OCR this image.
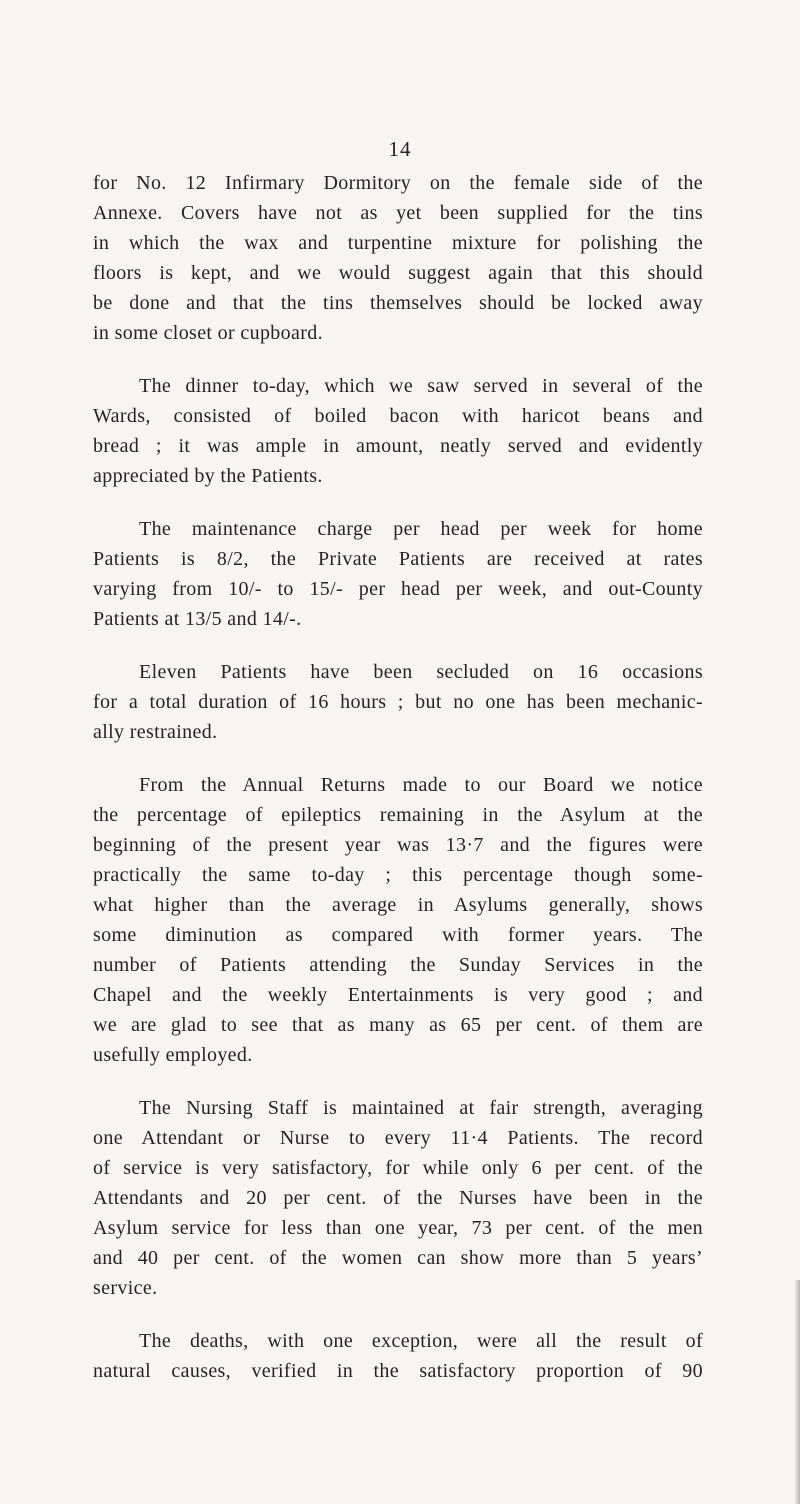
14
for No. 12 Infirmary Dormitory on the female side of the
Annexe. Covers have not as yet been supplied for the tins
in which the wax and turpentine mixture for polishing the
floors is kept, and we would suggest again that this should
be done and that the tins themselves should be locked away
in some closet or cupboard.
The dinner to-day, which we saw served in several of the
Wards, consisted of boiled bacon with haricot beans and
bread ; it was ample in amount, neatly served and evidently
appreciated by the Patients.
The maintenance charge per head per week for home
Patients is 8/2, the Private Patients are received at rates
varying from 10/- to 15/- per head per week, and out-County
Patients at 13/5 and 14/-.
Eleven Patients have been secluded on 16 occasions
for a total duration of 16 hours ; but no one has been mechanic-
ally restrained.
From the Annual Returns made to our Board we notice
the percentage of epileptics remaining in the Asylum at the
beginning of the present year was 13·7 and the figures were
practically the same to-day ; this percentage though some-
what higher than the average in Asylums generally, shows
some diminution as compared with former years. The
number of Patients attending the Sunday Services in the
Chapel and the weekly Entertainments is very good ; and
we are glad to see that as many as 65 per cent. of them are
usefully employed.
The Nursing Staff is maintained at fair strength, averaging
one Attendant or Nurse to every 11·4 Patients. The record
of service is very satisfactory, for while only 6 per cent. of the
Attendants and 20 per cent. of the Nurses have been in the
Asylum service for less than one year, 73 per cent. of the men
and 40 per cent. of the women can show more than 5 years’
service.
The deaths, with one exception, were all the result of
natural causes, verified in the satisfactory proportion of 90
